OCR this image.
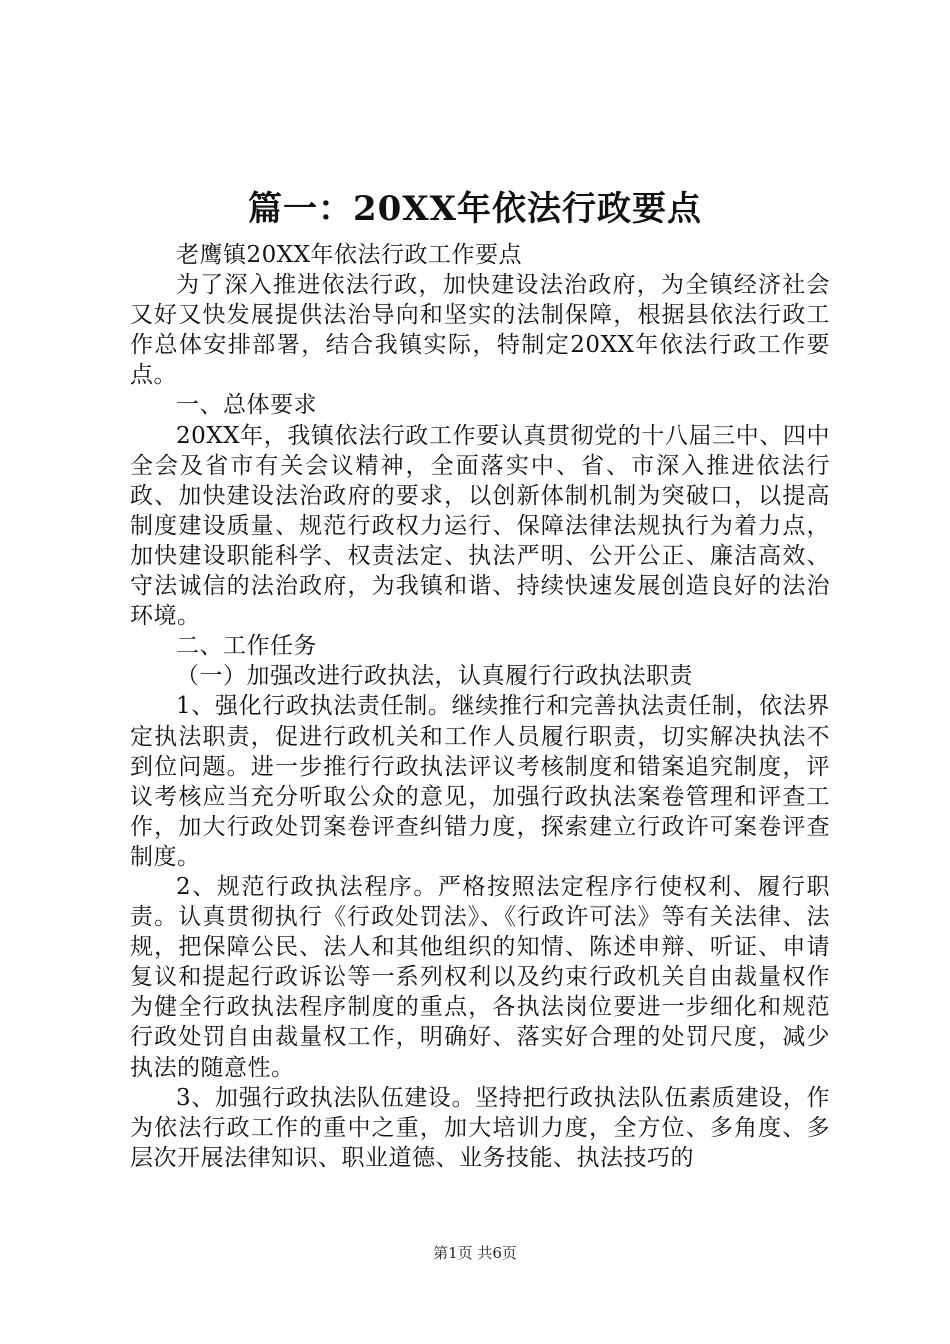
篇一：20XX年依法行政要点

老鹰镇20XX年依法行政工作要点

为了深入推进依法行政，加快建设法治政府，为全镇经济社会又好又快发展提供法治导向和坚实的法制保障，根据县依法行政工作总体安排部署，结合我镇实际，特制定20XX年依法行政工作要点。

一、总体要求

20XX年，我镇依法行政工作要认真贯彻党的十八届三中、四中全会及省市有关会议精神，全面落实中、省、市深入推进依法行政、加快建设法治政府的要求，以创新体制机制为突破口，以提高制度建设质量、规范行政权力运行、保障法律法规执行为着力点，加快建设职能科学、权责法定、执法严明、公开公正、廉洁高效、守法诚信的法治政府，为我镇和谐、持续快速发展创造良好的法治环境。

二、工作任务

（一）加强改进行政执法，认真履行行政执法职责

1、强化行政执法责任制。继续推行和完善执法责任制，依法界定执法职责，促进行政机关和工作人员履行职责，切实解决执法不到位问题。进一步推行行政执法评议考核制度和错案追究制度，评议考核应当充分听取公众的意见，加强行政执法案卷管理和评查工作，加大行政处罚案卷评查纠错力度，探索建立行政许可案卷评查制度。

2、规范行政执法程序。严格按照法定程序行使权利、履行职责。认真贯彻执行《行政处罚法》、《行政许可法》等有关法律、法规，把保障公民、法人和其他组织的知情、陈述申辩、听证、申请复议和提起行政诉讼等一系列权利以及约束行政机关自由裁量权作为健全行政执法程序制度的重点，各执法岗位要进一步细化和规范行政处罚自由裁量权工作，明确好、落实好合理的处罚尺度，减少执法的随意性。

3、加强行政执法队伍建设。坚持把行政执法队伍素质建设，作为依法行政工作的重中之重，加大培训力度，全方位、多角度、多层次开展法律知识、职业道德、业务技能、执法技巧的

第1页 共6页
